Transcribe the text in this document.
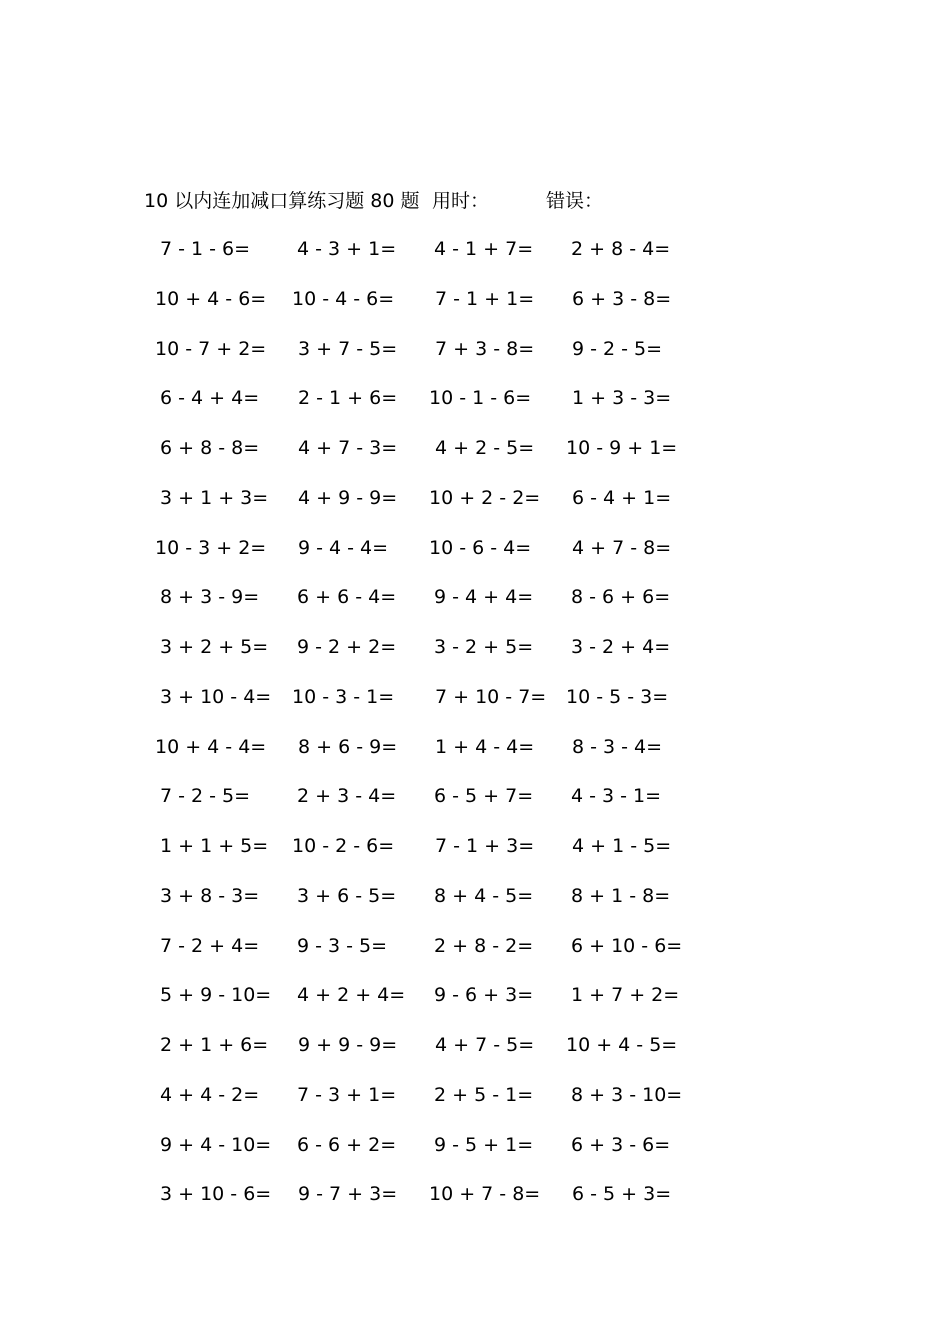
10 以内连加减口算练习题 80 题 用时：	错误：
7 - 1 - 6= 4 - 3 + 1= 4 - 1 + 7= 2 + 8 - 4=
10 + 4 - 6= 10 - 4 - 6= 7 - 1 + 1= 6 + 3 - 8=
10 - 7 + 2= 3 + 7 - 5= 7 + 3 - 8= 9 - 2 - 5=
6 - 4 + 4= 2 - 1 + 6= 10 - 1 - 6= 1 + 3 - 3=
6 + 8 - 8= 4 + 7 - 3= 4 + 2 - 5= 10 - 9 + 1=
3 + 1 + 3= 4 + 9 - 9= 10 + 2 - 2= 6 - 4 + 1=
10 - 3 + 2= 9 - 4 - 4= 10 - 6 - 4= 4 + 7 - 8=
8 + 3 - 9= 6 + 6 - 4= 9 - 4 + 4= 8 - 6 + 6=
3 + 2 + 5= 9 - 2 + 2= 3 - 2 + 5= 3 - 2 + 4=
3 + 10 - 4= 10 - 3 - 1= 7 + 10 - 7= 10 - 5 - 3=
10 + 4 - 4= 8 + 6 - 9= 1 + 4 - 4= 8 - 3 - 4=
7 - 2 - 5= 2 + 3 - 4= 6 - 5 + 7= 4 - 3 - 1=
1 + 1 + 5= 10 - 2 - 6= 7 - 1 + 3= 4 + 1 - 5=
3 + 8 - 3= 3 + 6 - 5= 8 + 4 - 5= 8 + 1 - 8=
7 - 2 + 4= 9 - 3 - 5= 2 + 8 - 2= 6 + 10 - 6=
5 + 9 - 10= 4 + 2 + 4= 9 - 6 + 3= 1 + 7 + 2=
2 + 1 + 6= 9 + 9 - 9= 4 + 7 - 5= 10 + 4 - 5=
4 + 4 - 2= 7 - 3 + 1= 2 + 5 - 1= 8 + 3 - 10=
9 + 4 - 10= 6 - 6 + 2= 9 - 5 + 1= 6 + 3 - 6=
3 + 10 - 6= 9 - 7 + 3= 10 + 7 - 8= 6 - 5 + 3=
